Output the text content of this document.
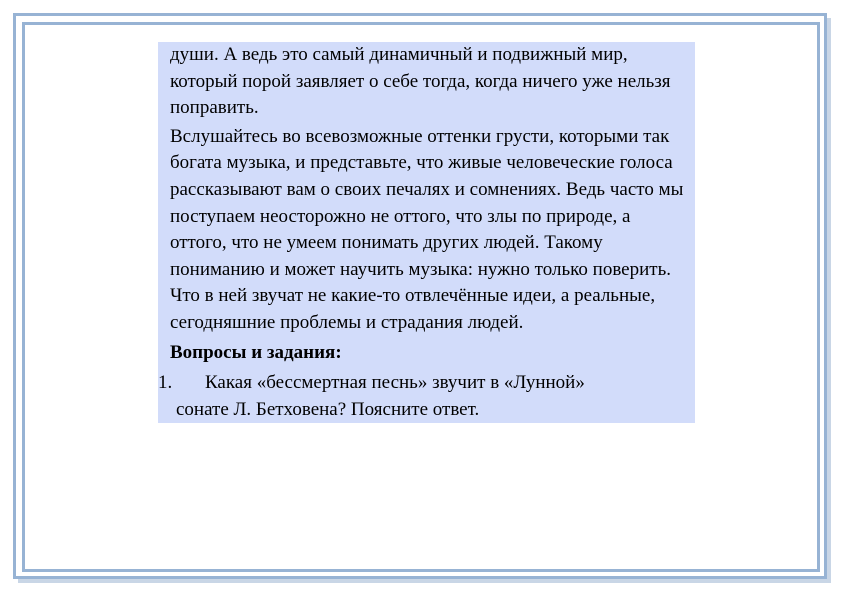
души. А ведь это самый динамичный и подвижный мир, который порой заявляет о себе тогда, когда ничего уже нельзя поправить.

Вслушайтесь во всевозможные оттенки грусти, которыми так богата музыка, и представьте, что живые человеческие голоса рассказывают вам о своих печалях и сомнениях. Ведь часто мы поступаем неосторожно не оттого, что злы по природе, а оттого, что не умеем понимать других людей. Такому пониманию и может научить музыка: нужно только поверить. Что в ней звучат не какие-то отвлечённые идеи, а реальные, сегодняшние проблемы и страдания людей.

Вопросы и задания:

1. Какая «бессмертная песнь» звучит в «Лунной»
сонате Л. Бетховена? Поясните ответ.
